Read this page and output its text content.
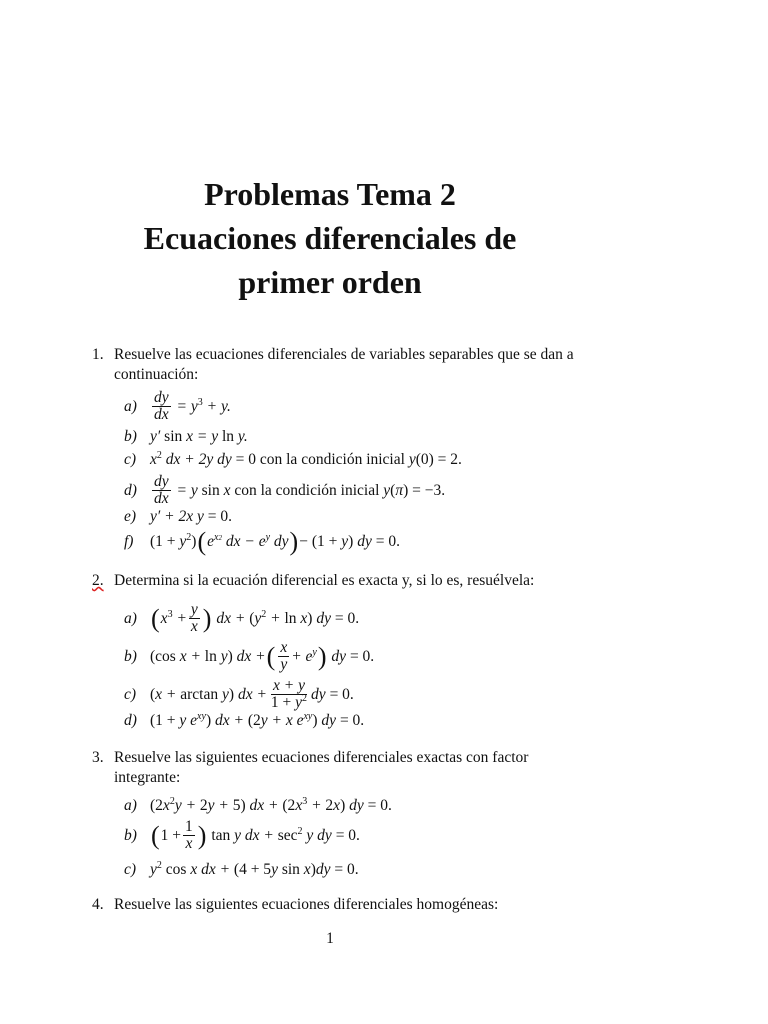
Problemas Tema 2
Ecuaciones diferenciales de
primer orden
1. Resuelve las ecuaciones diferenciales de variables separables que se dan a continuación:
$a) \frac{dy}{dx} = y^3 + y$.
b) y′ sin x = y ln y.
c) $x^2$ dx + 2y dy = 0
con la condición inicial
y(0) = 2.
$d) \frac{dy}{dx} = y$ sin x
con la condición inicial
y(π) = −3.
e) y′ + 2x y = 0.
f)	$(1 + y^2)$ ( $e^{x2}$ dx − $e^y$ dy ) − (1 + y) dy = 0.
2. Determina si la ecuación diferencial es exacta y, si lo es, resuélvela:
a) ( $x^3 + \frac{y}{x}$ ) dx + $(y^2 + \ln x)$ dy = 0.
b) (cos x + ln y) dx + ( $\frac{x}{y} + e^y$ ) dy = 0.
c) (x + arctan y) dx + $\frac{x + y}{1 + y^2}$ dy = 0.
d) (1 + y $e^{xy}$) dx + (2y + x $e^{xy}$) dy = 0.
3. Resuelve las siguientes ecuaciones diferenciales exactas con factor integrante:
a) $(2x^2y + 2y + 5)$ dx + $(2x^3 + 2x)$ dy = 0.
b) ( $1 + \frac{1}{x}$ ) tan y dx + $\sec^2 y$ dy = 0.
c) $y^2$ cos x dx + (4 + 5y sin x)dy = 0.
4. Resuelve las siguientes ecuaciones diferenciales homogéneas:
1
